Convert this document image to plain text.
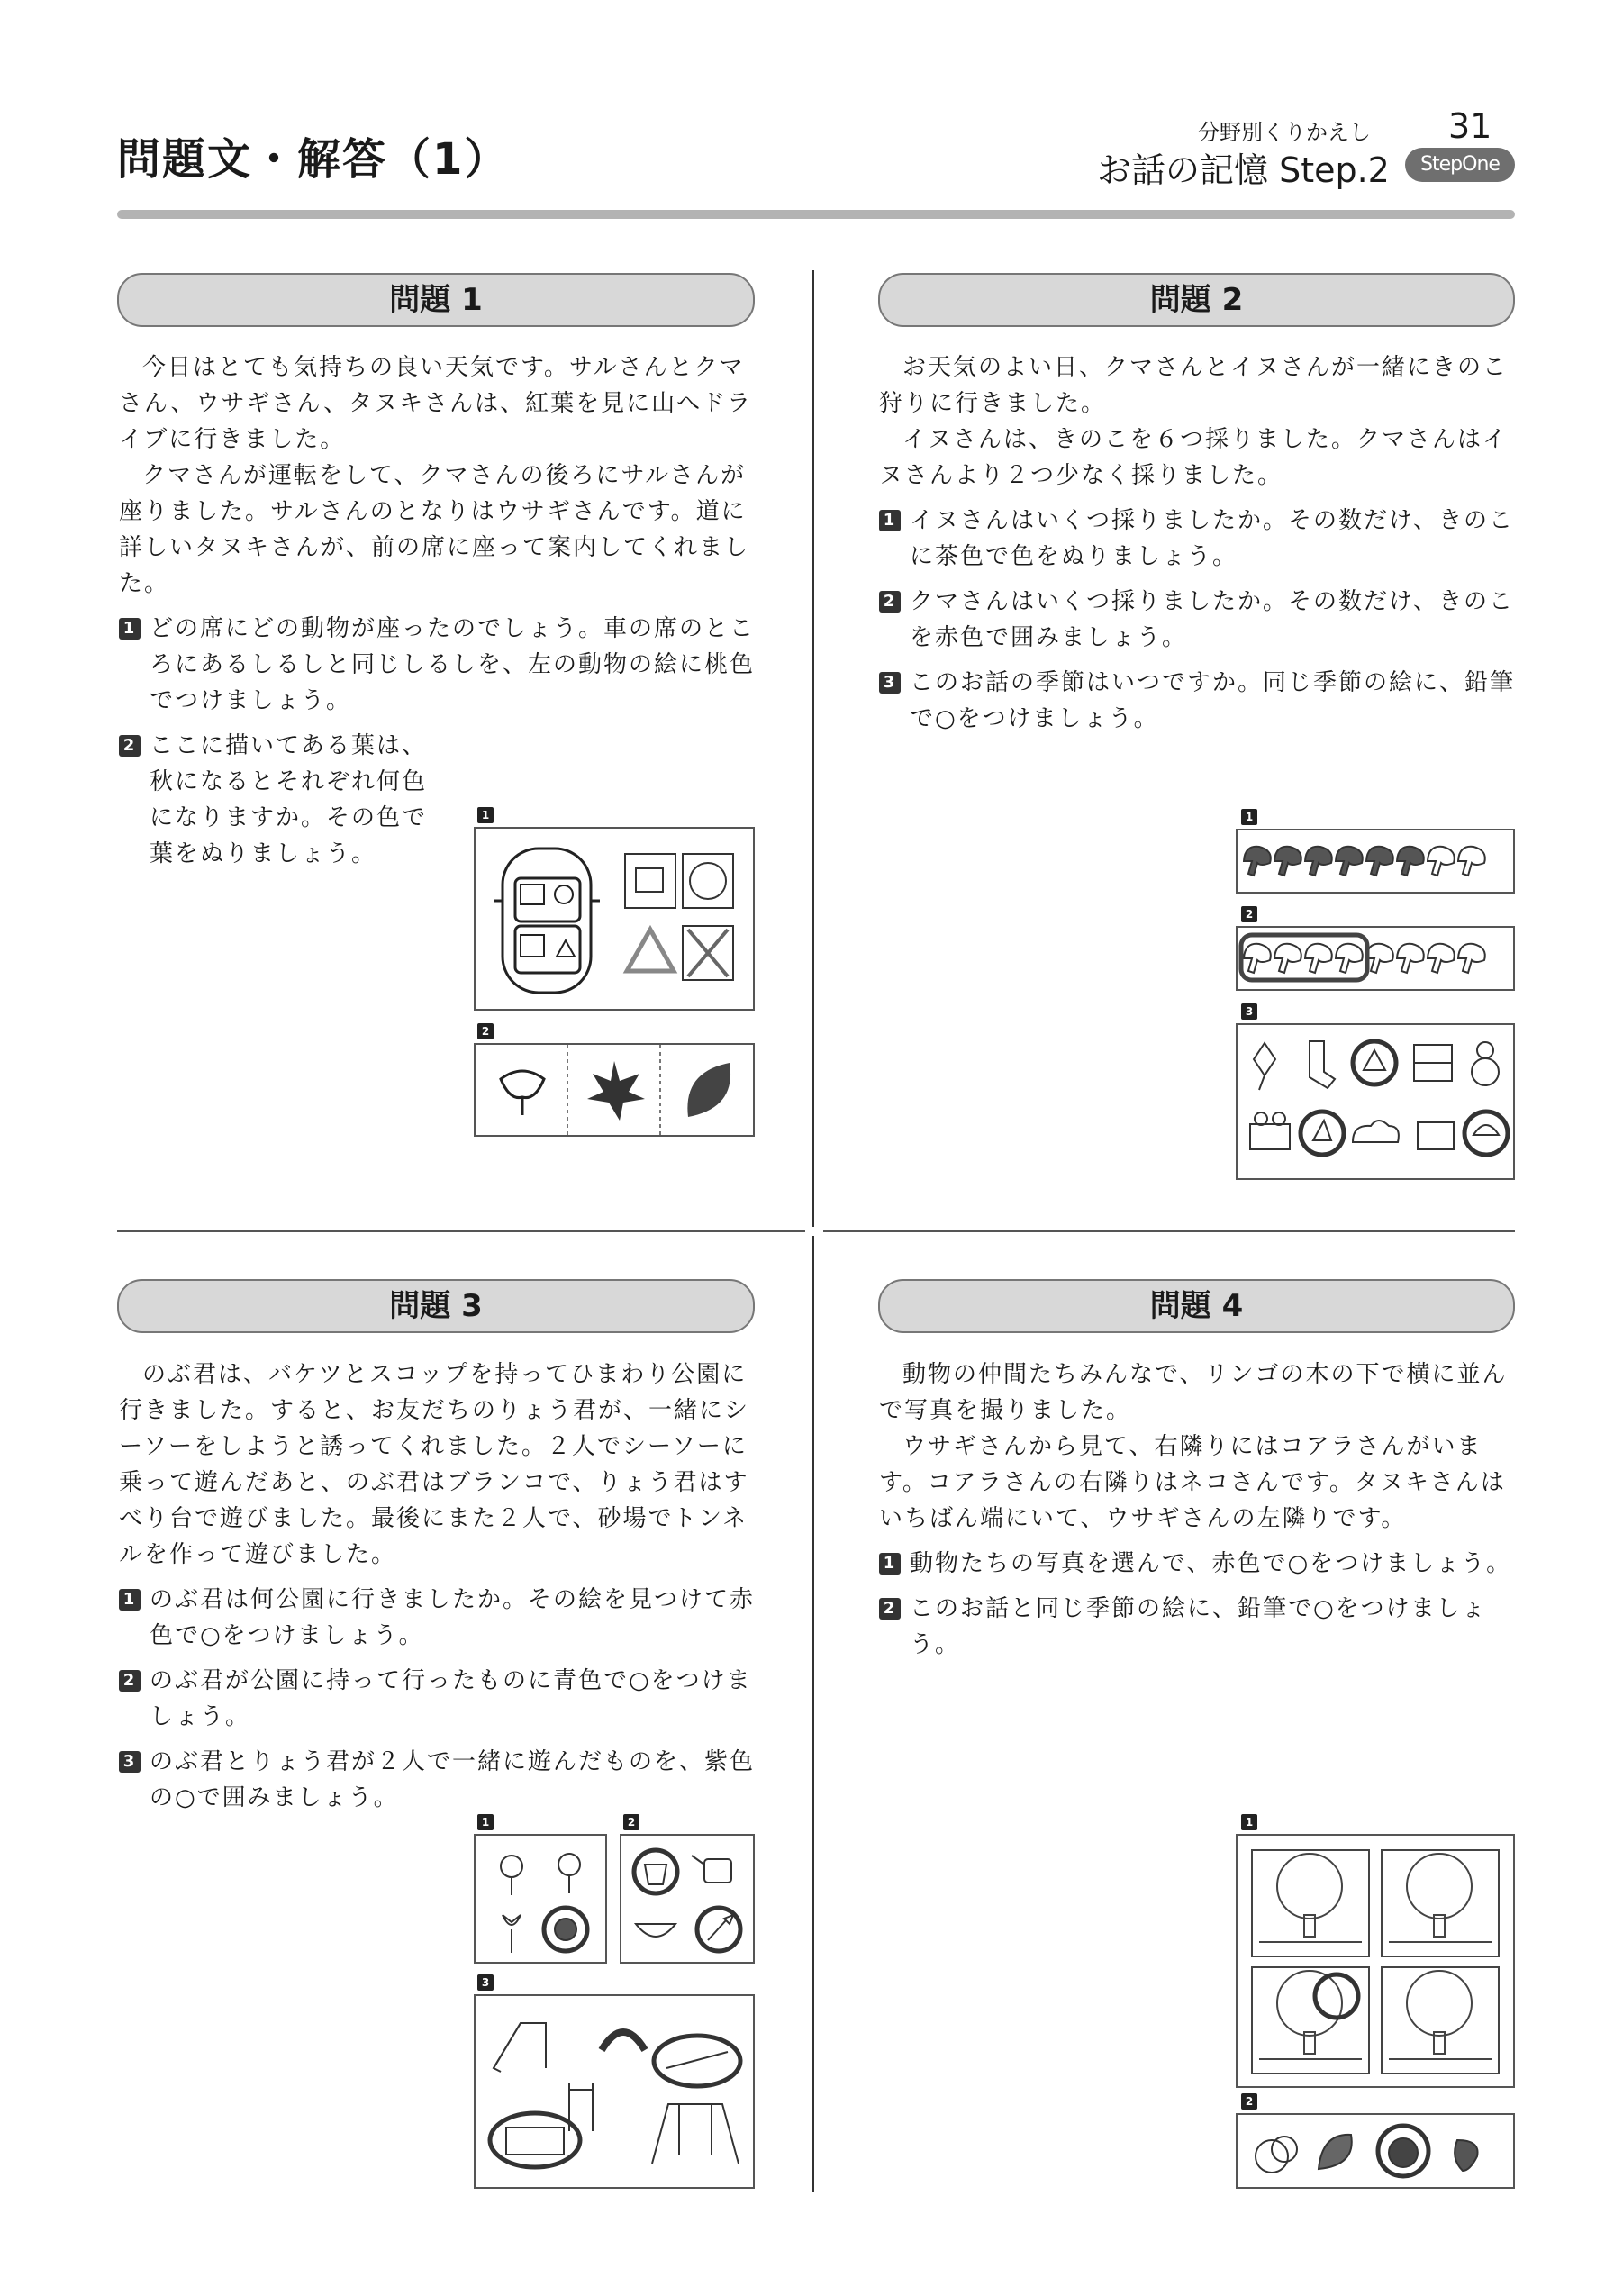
問題文・解答（1）
分野別くりかえし 31
お話の記憶 Step.2	StepOne
問題 1

今日はとても気持ちの良い天気です。サルさんとクマさん、ウサギさん、タヌキさんは、紅葉を見に山へドライブに行きました。

クマさんが運転をして、クマさんの後ろにサルさんが座りました。サルさんのとなりはウサギさんです。道に詳しいタヌキさんが、前の席に座って案内してくれました。

1 どの席にどの動物が座ったのでしょう。車の席のところにあるしるしと同じしるしを、左の動物の絵に桃色でつけましょう。
2 ここに描いてある葉は、秋になるとそれぞれ何色になりますか。その色で葉をぬりましょう。
1
2
問題 2

お天気のよい日、クマさんとイヌさんが一緒にきのこ狩りに行きました。

イヌさんは、きのこを６つ採りました。クマさんはイヌさんより２つ少なく採りました。

1 イヌさんはいくつ採りましたか。その数だけ、きのこに茶色で色をぬりましょう。
2 クマさんはいくつ採りましたか。その数だけ、きのこを赤色で囲みましょう。
3 このお話の季節はいつですか。同じ季節の絵に、鉛筆で○をつけましょう。
1
2
3
問題 3

のぶ君は、バケツとスコップを持ってひまわり公園に行きました。すると、お友だちのりょう君が、一緒にシーソーをしようと誘ってくれました。２人でシーソーに乗って遊んだあと、のぶ君はブランコで、りょう君はすべり台で遊びました。最後にまた２人で、砂場でトンネルを作って遊びました。

1 のぶ君は何公園に行きましたか。その絵を見つけて赤色で○をつけましょう。
2 のぶ君が公園に持って行ったものに青色で○をつけましょう。
3 のぶ君とりょう君が２人で一緒に遊んだものを、紫色の○で囲みましょう。
1	2
3
問題 4

動物の仲間たちみんなで、リンゴの木の下で横に並んで写真を撮りました。

ウサギさんから見て、右隣りにはコアラさんがいます。コアラさんの右隣りはネコさんです。タヌキさんはいちばん端にいて、ウサギさんの左隣りです。

1 動物たちの写真を選んで、赤色で○をつけましょう。
2 このお話と同じ季節の絵に、鉛筆で○をつけましょう。
1
2
